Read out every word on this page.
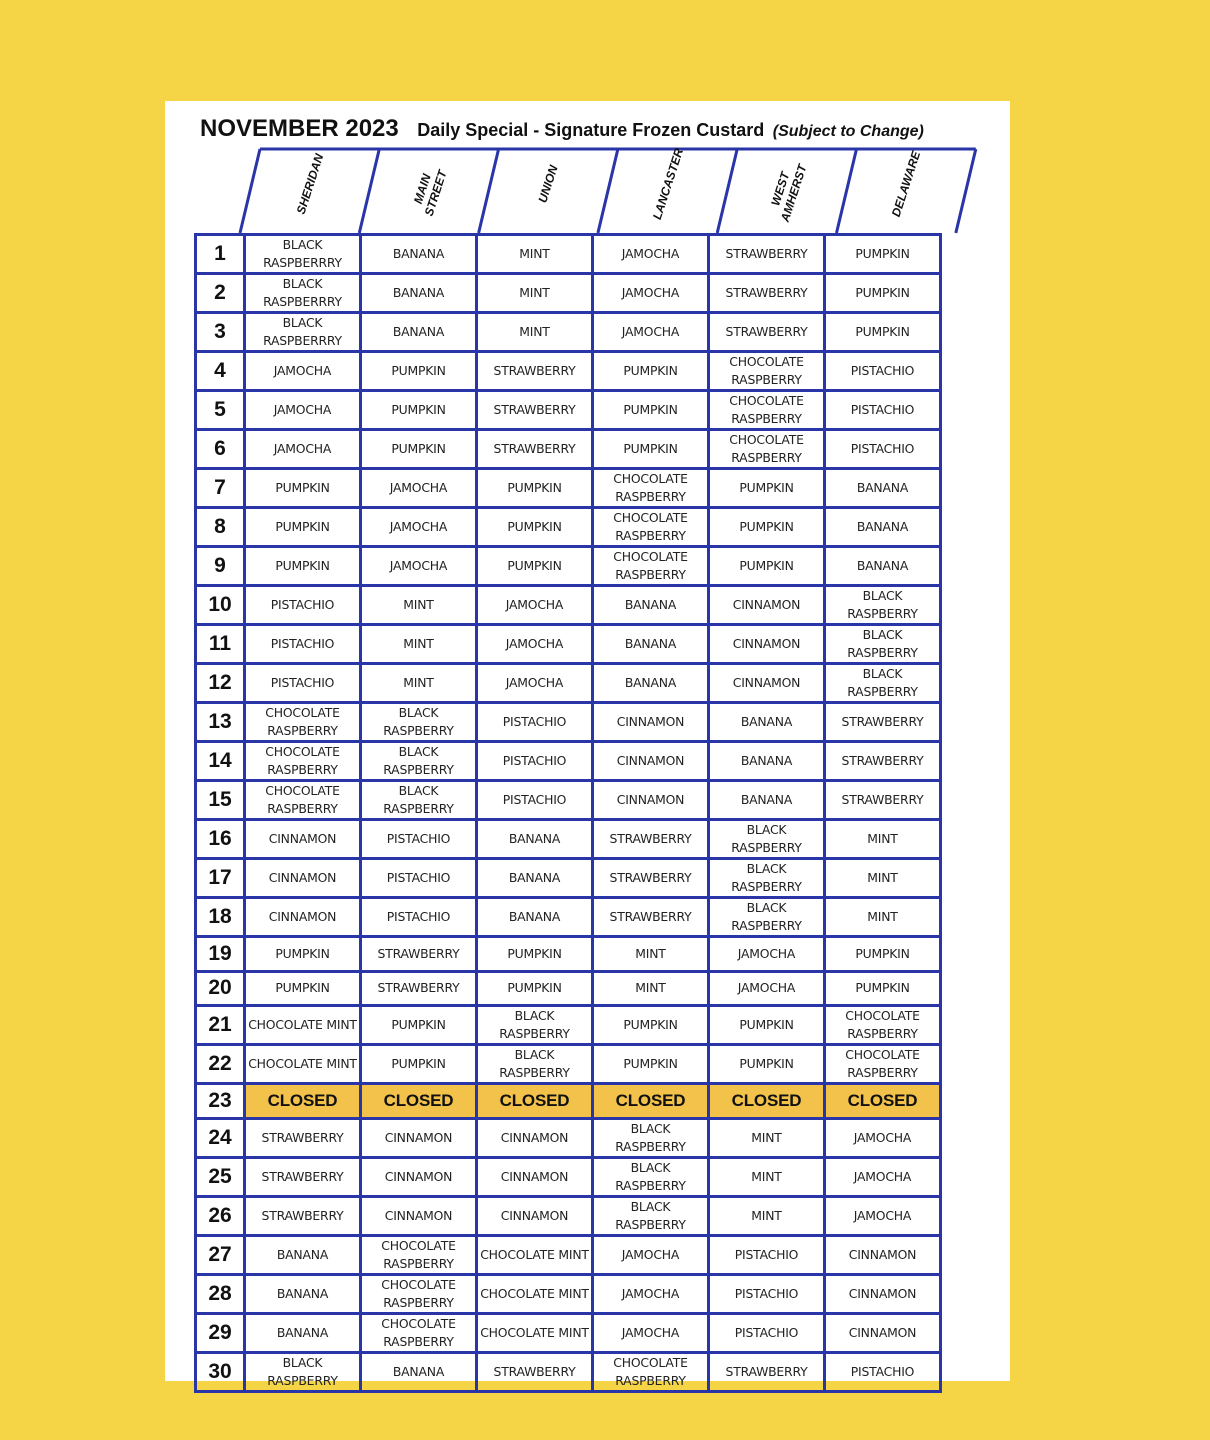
NOVEMBER 2023 Daily Special - Signature Frozen Custard (Subject to Change)
SHERIDAN	MAIN STREET	UNION	LANCASTER	WEST AMHERST	DELAWARE
1	BLACK RASPBERRRY	BANANA	MINT	JAMOCHA	STRAWBERRY	PUMPKIN
2	BLACK RASPBERRRY	BANANA	MINT	JAMOCHA	STRAWBERRY	PUMPKIN
3	BLACK RASPBERRRY	BANANA	MINT	JAMOCHA	STRAWBERRY	PUMPKIN
4	JAMOCHA	PUMPKIN	STRAWBERRY	PUMPKIN	CHOCOLATE RASPBERRY	PISTACHIO
5	JAMOCHA	PUMPKIN	STRAWBERRY	PUMPKIN	CHOCOLATE RASPBERRY	PISTACHIO
6	JAMOCHA	PUMPKIN	STRAWBERRY	PUMPKIN	CHOCOLATE RASPBERRY	PISTACHIO
7	PUMPKIN	JAMOCHA	PUMPKIN	CHOCOLATE RASPBERRY	PUMPKIN	BANANA
8	PUMPKIN	JAMOCHA	PUMPKIN	CHOCOLATE RASPBERRY	PUMPKIN	BANANA
9	PUMPKIN	JAMOCHA	PUMPKIN	CHOCOLATE RASPBERRY	PUMPKIN	BANANA
10	PISTACHIO	MINT	JAMOCHA	BANANA	CINNAMON	BLACK RASPBERRY
11	PISTACHIO	MINT	JAMOCHA	BANANA	CINNAMON	BLACK RASPBERRY
12	PISTACHIO	MINT	JAMOCHA	BANANA	CINNAMON	BLACK RASPBERRY
13	CHOCOLATE RASPBERRY	BLACK RASPBERRY	PISTACHIO	CINNAMON	BANANA	STRAWBERRY
14	CHOCOLATE RASPBERRY	BLACK RASPBERRY	PISTACHIO	CINNAMON	BANANA	STRAWBERRY
15	CHOCOLATE RASPBERRY	BLACK RASPBERRY	PISTACHIO	CINNAMON	BANANA	STRAWBERRY
16	CINNAMON	PISTACHIO	BANANA	STRAWBERRY	BLACK RASPBERRY	MINT
17	CINNAMON	PISTACHIO	BANANA	STRAWBERRY	BLACK RASPBERRY	MINT
18	CINNAMON	PISTACHIO	BANANA	STRAWBERRY	BLACK RASPBERRY	MINT
19	PUMPKIN	STRAWBERRY	PUMPKIN	MINT	JAMOCHA	PUMPKIN
20	PUMPKIN	STRAWBERRY	PUMPKIN	MINT	JAMOCHA	PUMPKIN
21	CHOCOLATE MINT	PUMPKIN	BLACK RASPBERRY	PUMPKIN	PUMPKIN	CHOCOLATE RASPBERRY
22	CHOCOLATE MINT	PUMPKIN	BLACK RASPBERRY	PUMPKIN	PUMPKIN	CHOCOLATE RASPBERRY
23	CLOSED	CLOSED	CLOSED	CLOSED	CLOSED	CLOSED
24	STRAWBERRY	CINNAMON	CINNAMON	BLACK RASPBERRY	MINT	JAMOCHA
25	STRAWBERRY	CINNAMON	CINNAMON	BLACK RASPBERRY	MINT	JAMOCHA
26	STRAWBERRY	CINNAMON	CINNAMON	BLACK RASPBERRY	MINT	JAMOCHA
27	BANANA	CHOCOLATE RASPBERRY	CHOCOLATE MINT	JAMOCHA	PISTACHIO	CINNAMON
28	BANANA	CHOCOLATE RASPBERRY	CHOCOLATE MINT	JAMOCHA	PISTACHIO	CINNAMON
29	BANANA	CHOCOLATE RASPBERRY	CHOCOLATE MINT	JAMOCHA	PISTACHIO	CINNAMON
30	BLACK RASPBERRY	BANANA	STRAWBERRY	CHOCOLATE RASPBERRY	STRAWBERRY	PISTACHIO
